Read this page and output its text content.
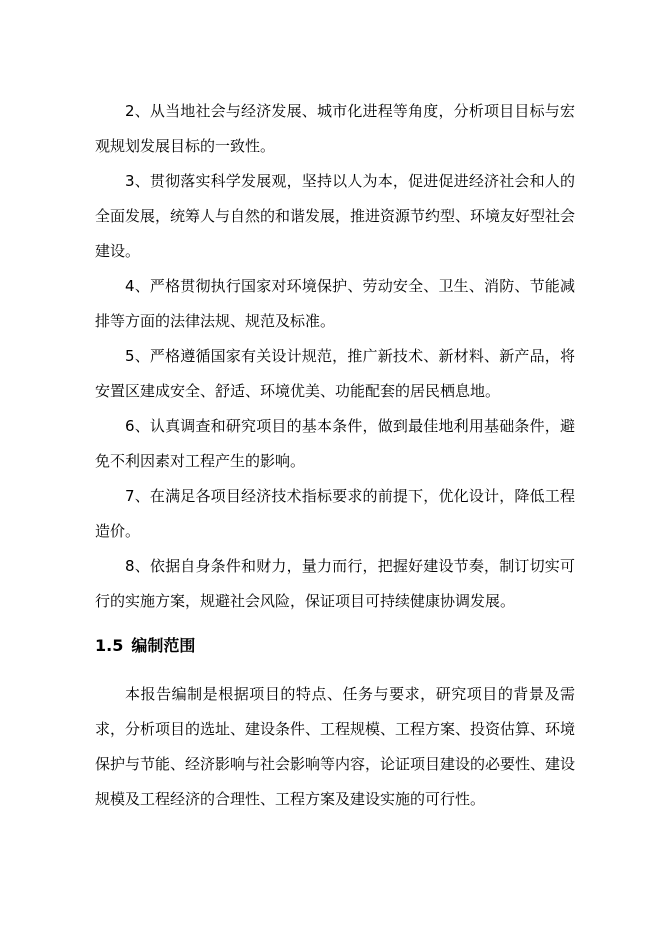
2、从当地社会与经济发展、城市化进程等角度，分析项目目标与宏观规划发展目标的一致性。

3、贯彻落实科学发展观，坚持以人为本，促进促进经济社会和人的全面发展，统筹人与自然的和谐发展，推进资源节约型、环境友好型社会建设。

4、严格贯彻执行国家对环境保护、劳动安全、卫生、消防、节能减排等方面的法律法规、规范及标准。

5、严格遵循国家有关设计规范，推广新技术、新材料、新产品，将安置区建成安全、舒适、环境优美、功能配套的居民栖息地。

6、认真调查和研究项目的基本条件，做到最佳地利用基础条件，避免不利因素对工程产生的影响。

7、在满足各项目经济技术指标要求的前提下，优化设计，降低工程造价。

8、依据自身条件和财力，量力而行，把握好建设节奏，制订切实可行的实施方案，规避社会风险，保证项目可持续健康协调发展。

1.5 编制范围

本报告编制是根据项目的特点、任务与要求，研究项目的背景及需求，分析项目的选址、建设条件、工程规模、工程方案、投资估算、环境保护与节能、经济影响与社会影响等内容，论证项目建设的必要性、建设规模及工程经济的合理性、工程方案及建设实施的可行性。
